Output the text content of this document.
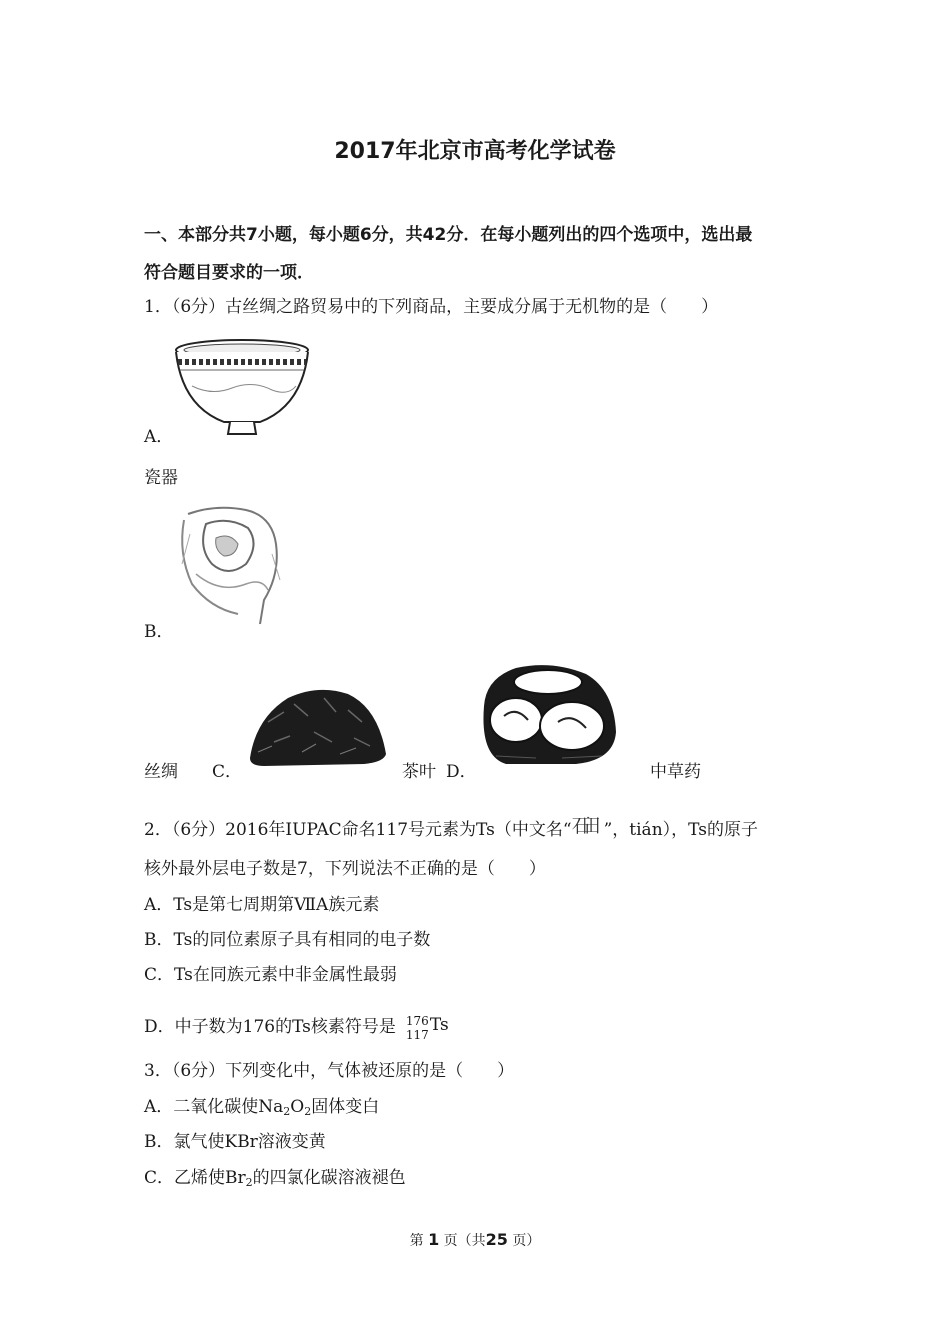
2017年北京市高考化学试卷
一、本部分共7小题，每小题6分，共42分．在每小题列出的四个选项中，选出最
符合题目要求的一项．
1．（6分）古丝绸之路贸易中的下列商品，主要成分属于无机物的是（　　）
A．
瓷器
B．
丝绸 C．	茶叶 D．	中草药
2．（6分）2016年IUPAC命名117号元素为Ts（中文名“石田 ”，tián），Ts的原子
核外最外层电子数是7，下列说法不正确的是（　　）
A．Ts是第七周期第ⅦA族元素
B．Ts的同位素原子具有相同的电子数
C．Ts在同族元素中非金属性最弱
D．中子数为176的Ts核素符号是 176
117 Ts
3．（6分）下列变化中，气体被还原的是（　　）
A．二氧化碳使$Na_2O_2$固体变白
B．氯气使KBr溶液变黄
C．乙烯使$Br_2$的四氯化碳溶液褪色
第 1 页（共25 页）
